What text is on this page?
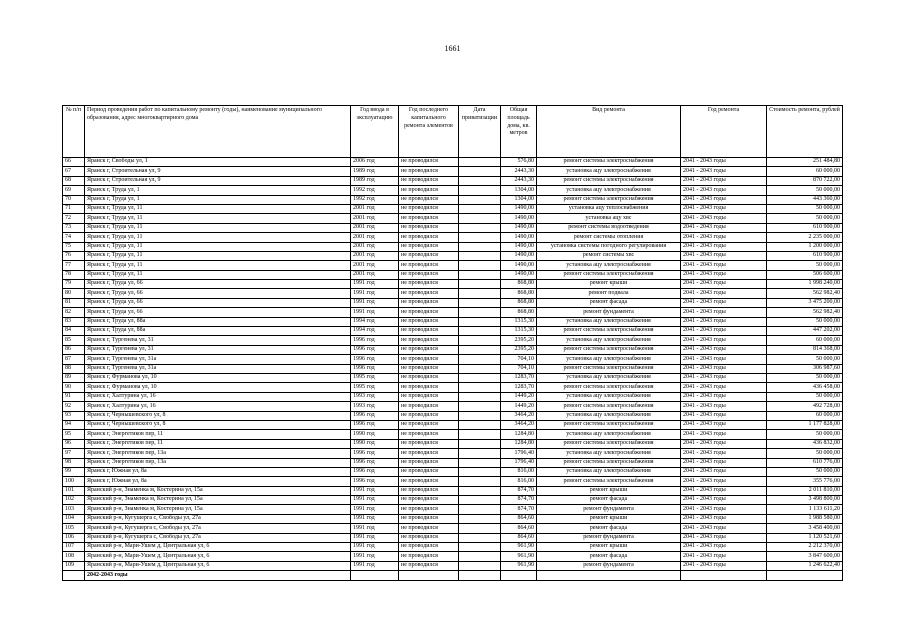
1661
№ п/п	Период проведения работ по капитальному ремонту (годы), наименование муниципального образования, адрес многоквартирного дома	Год ввода в эксплуатацию	Год последнего капитального ремонта элементов	Дата приватизации	Общая площадь дома, кв. метров	Вид ремонта	Год ремонта	Стоимость ремонта, рублей
66	Яранск г, Свободы ул, 1	2006 год	не проводился		576,80	ремонт системы электроснабжения	2041 - 2043 годы	251 484,80
67	Яранск г, Строительная ул, 9	1989 год	не проводился		2443,30	установка ацу электроснабжения	2041 - 2043 годы	60 000,00
68	Яранск г, Строительная ул, 9	1989 год	не проводился		2443,30	ремонт системы электроснабжения	2041 - 2043 годы	870 722,00
69	Яранск г, Труда ул, 1	1992 год	не проводился		1304,00	установка ацу электроснабжения	2041 - 2043 годы	50 000,00
70	Яранск г, Труда ул, 1	1992 год	не проводился		1304,00	ремонт системы электроснабжения	2041 - 2043 годы	443 360,00
71	Яранск г, Труда ул, 11	2001 год	не проводился		1490,00	установка ацу теплоснабжения	2041 - 2043 годы	50 000,00
72	Яранск г, Труда ул, 11	2001 год	не проводился		1490,00	установка ацу хвс	2041 - 2043 годы	50 000,00
73	Яранск г, Труда ул, 11	2001 год	не проводился		1490,00	ремонт системы водоотведения	2041 - 2043 годы	610 900,00
74	Яранск г, Труда ул, 11	2001 год	не проводился		1490,00	ремонт системы отопления	2041 - 2043 годы	2 235 000,00
75	Яранск г, Труда ул, 11	2001 год	не проводился		1490,00	установка системы погодного регулирования	2041 - 2043 годы	1 200 000,00
76	Яранск г, Труда ул, 11	2001 год	не проводился		1490,00	ремонт системы хвс	2041 - 2043 годы	610 900,00
77	Яранск г, Труда ул, 11	2001 год	не проводился		1490,00	установка ацу электроснабжения	2041 - 2043 годы	50 000,00
78	Яранск г, Труда ул, 11	2001 год	не проводился		1490,00	ремонт системы электроснабжения	2041 - 2043 годы	506 600,00
79	Яранск г, Труда ул, 66	1991 год	не проводился		868,80	ремонт крыши	2041 - 2043 годы	1 998 240,00
80	Яранск г, Труда ул, 66	1991 год	не проводился		868,80	ремонт подвала	2041 - 2043 годы	562 982,40
81	Яранск г, Труда ул, 66	1991 год	не проводился		868,80	ремонт фасада	2041 - 2043 годы	3 475 200,00
82	Яранск г, Труда ул, 66	1991 год	не проводился		868,80	ремонт фундамента	2041 - 2043 годы	562 982,40
83	Яранск г, Труда ул, 88а	1994 год	не проводился		1315,30	установка ацу электроснабжения	2041 - 2043 годы	50 000,00
84	Яранск г, Труда ул, 88а	1994 год	не проводился		1315,30	ремонт системы электроснабжения	2041 - 2043 годы	447 202,00
85	Яранск г, Тургенева ул, 31	1996 год	не проводился		2395,20	установка ацу электроснабжения	2041 - 2043 годы	60 000,00
86	Яранск г, Тургенева ул, 31	1996 год	не проводился		2395,20	ремонт системы электроснабжения	2041 - 2043 годы	814 368,00
87	Яранск г, Тургенева ул, 31а	1996 год	не проводился		704,10	установка ацу электроснабжения	2041 - 2043 годы	50 000,00
88	Яранск г, Тургенева ул, 31а	1996 год	не проводился		704,10	ремонт системы электроснабжения	2041 - 2043 годы	306 987,60
89	Яранск г, Фурманова ул, 10	1995 год	не проводился		1283,70	установка ацу электроснабжения	2041 - 2043 годы	50 000,00
90	Яранск г, Фурманова ул, 10	1995 год	не проводился		1283,70	ремонт системы электроснабжения	2041 - 2043 годы	436 458,00
91	Яранск г, Халтурина ул, 16	1993 год	не проводился		1449,20	установка ацу электроснабжения	2041 - 2043 годы	50 000,00
92	Яранск г, Халтурина ул, 16	1993 год	не проводился		1449,20	ремонт системы электроснабжения	2041 - 2043 годы	492 728,00
93	Яранск г, Чернышевского ул, 8	1996 год	не проводился		3464,20	установка ацу электроснабжения	2041 - 2043 годы	60 000,00
94	Яранск г, Чернышевского ул, 8	1996 год	не проводился		3464,20	ремонт системы электроснабжения	2041 - 2043 годы	1 177 828,00
95	Яранск г, Энергетиков пер, 11	1990 год	не проводился		1284,80	установка ацу электроснабжения	2041 - 2043 годы	50 000,00
96	Яранск г, Энергетиков пер, 11	1990 год	не проводился		1284,80	ремонт системы электроснабжения	2041 - 2043 годы	436 832,00
97	Яранск г, Энергетиков пер, 13а	1996 год	не проводился		1796,40	установка ацу электроснабжения	2041 - 2043 годы	50 000,00
98	Яранск г, Энергетиков пер, 13а	1996 год	не проводился		1796,40	ремонт системы электроснабжения	2041 - 2043 годы	610 776,00
99	Яранск г, Южная ул, 8а	1996 год	не проводился		816,00	установка ацу электроснабжения	2041 - 2043 годы	50 000,00
100	Яранск г, Южная ул, 8а	1996 год	не проводился		816,00	ремонт системы электроснабжения	2041 - 2043 годы	355 776,00
101	Яранский р-н, Знаменка м, Костерина ул, 15а	1991 год	не проводился		874,70	ремонт крыши	2041 - 2043 годы	2 011 810,00
102	Яранский р-н, Знаменка м, Костерина ул, 15а	1991 год	не проводился		874,70	ремонт фасада	2041 - 2043 годы	3 498 800,00
103	Яранский р-н, Знаменка м, Костерина ул, 15а	1991 год	не проводился		874,70	ремонт фундамента	2041 - 2043 годы	1 133 611,20
104	Яранский р-н, Кугушерга с, Свободы ул, 27а	1991 год	не проводился		864,60	ремонт крыши	2041 - 2043 годы	1 988 580,00
105	Яранский р-н, Кугушерга с, Свободы ул, 27а	1991 год	не проводился		864,60	ремонт фасада	2041 - 2043 годы	3 458 400,00
106	Яранский р-н, Кугушерга с, Свободы ул, 27а	1991 год	не проводился		864,60	ремонт фундамента	2041 - 2043 годы	1 120 521,60
107	Яранский р-н, Мари-Ушем д, Центральная ул, 6	1991 год	не проводился		961,90	ремонт крыши	2041 - 2043 годы	2 212 370,00
108	Яранский р-н, Мари-Ушем д, Центральная ул, 6	1991 год	не проводился		961,90	ремонт фасада	2041 - 2043 годы	3 847 600,00
109	Яранский р-н, Мари-Ушем д, Центральная ул, 6	1991 год	не проводился		961,90	ремонт фундамента	2041 - 2043 годы	1 246 622,40
	2042-2043 годы							
